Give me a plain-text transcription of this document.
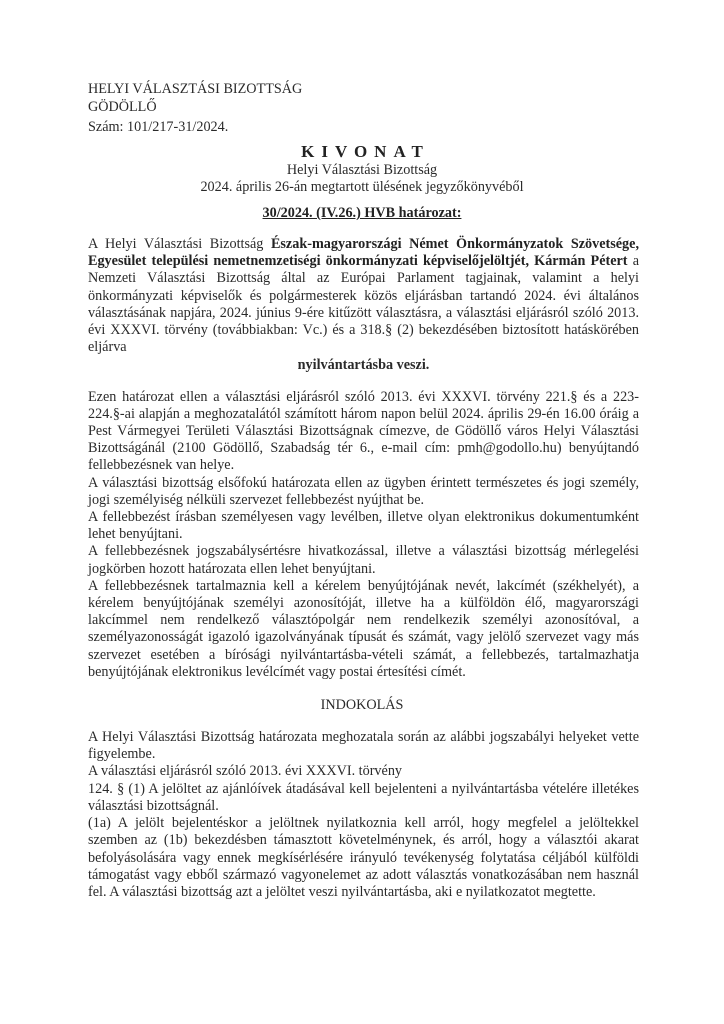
HELYI VÁLASZTÁSI BIZOTTSÁG
GÖDÖLLŐ
Szám: 101/217-31/2024.
KIVONAT
Helyi Választási Bizottság
2024. április 26-án megtartott ülésének jegyzőkönyvéből
30/2024. (IV.26.) HVB határozat:

A Helyi Választási Bizottság Észak-magyarországi Német Önkormányzatok Szövetsége, Egyesület települési nemetnemzetiségi önkormányzati képviselőjelöltjét, Kármán Pétert a Nemzeti Választási Bizottság által az Európai Parlament tagjainak, valamint a helyi önkormányzati képviselők és polgármesterek közös eljárásban tartandó 2024. évi általános választásának napjára, 2024. június 9-ére kitűzött választásra, a választási eljárásról szóló 2013. évi XXXVI. törvény (továbbiakban: Vc.) és a 318.§ (2) bekezdésében biztosított hatáskörében eljárva

nyilvántartásba veszi.

Ezen határozat ellen a választási eljárásról szóló 2013. évi XXXVI. törvény 221.§ és a 223-224.§-ai alapján a meghozatalától számított három napon belül 2024. április 29-én 16.00 óráig a Pest Vármegyei Területi Választási Bizottságnak címezve, de Gödöllő város Helyi Választási Bizottságánál (2100 Gödöllő, Szabadság tér 6., e-mail cím: pmh@godollo.hu) benyújtandó fellebbezésnek van helye.

A választási bizottság elsőfokú határozata ellen az ügyben érintett természetes és jogi személy, jogi személyiség nélküli szervezet fellebbezést nyújthat be.

A fellebbezést írásban személyesen vagy levélben, illetve olyan elektronikus dokumentumként lehet benyújtani.

A fellebbezésnek jogszabálysértésre hivatkozással, illetve a választási bizottság mérlegelési jogkörben hozott határozata ellen lehet benyújtani.

A fellebbezésnek tartalmaznia kell a kérelem benyújtójának nevét, lakcímét (székhelyét), a kérelem benyújtójának személyi azonosítóját, illetve ha a külföldön élő, magyarországi lakcímmel nem rendelkező választópolgár nem rendelkezik személyi azonosítóval, a személyazonosságát igazoló igazolványának típusát és számát, vagy jelölő szervezet vagy más szervezet esetében a bírósági nyilvántartásba-vételi számát, a fellebbezés, tartalmazhatja benyújtójának elektronikus levélcímét vagy postai értesítési címét.

INDOKOLÁS

A Helyi Választási Bizottság határozata meghozatala során az alábbi jogszabályi helyeket vette figyelembe.

A választási eljárásról szóló 2013. évi XXXVI. törvény

124. § (1) A jelöltet az ajánlóívek átadásával kell bejelenteni a nyilvántartásba vételére illetékes választási bizottságnál.

(1a) A jelölt bejelentéskor a jelöltnek nyilatkoznia kell arról, hogy megfelel a jelöltekkel szemben az (1b) bekezdésben támasztott követelménynek, és arról, hogy a választói akarat befolyásolására vagy ennek megkísérlésére irányuló tevékenység folytatása céljából külföldi támogatást vagy ebből származó vagyonelemet az adott választás vonatkozásában nem használ fel. A választási bizottság azt a jelöltet veszi nyilvántartásba, aki e nyilatkozatot megtette.
